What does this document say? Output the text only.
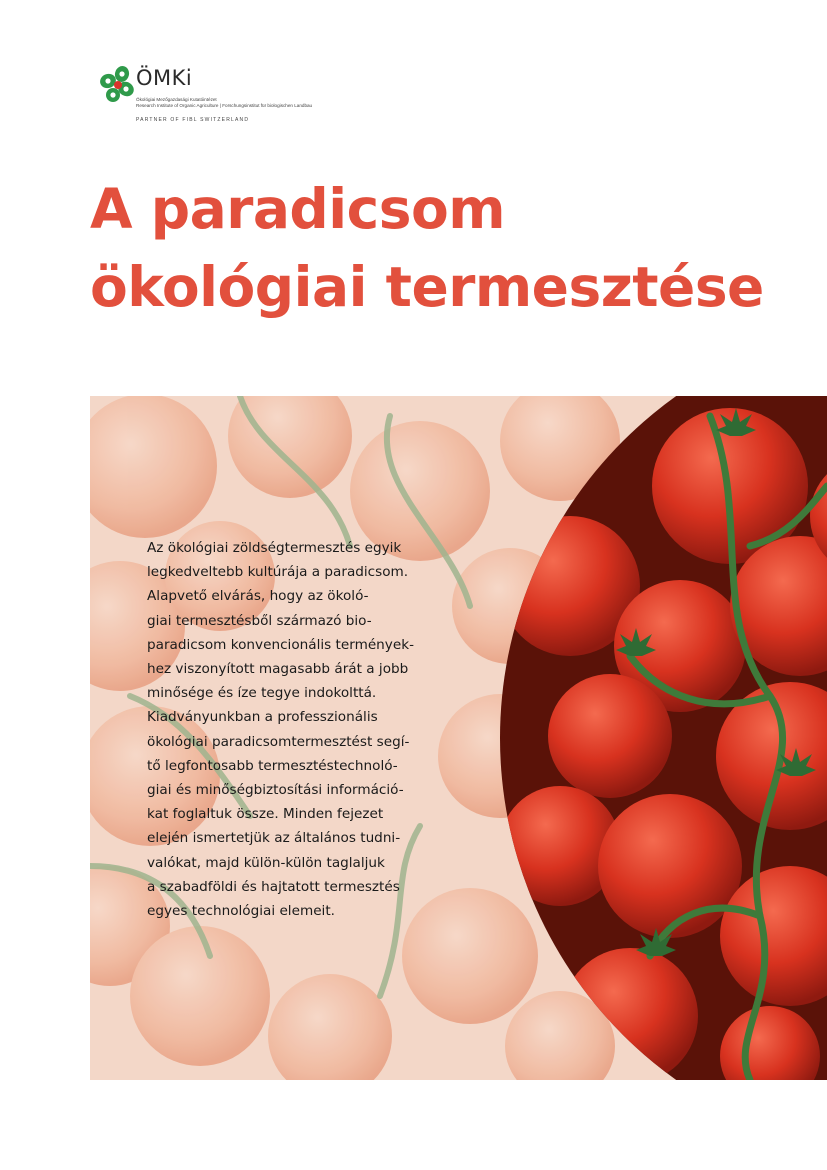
ÖMKi
Ökológiai Mezőgazdasági Kutatóintézet
Research Institute of Organic Agriculture | Forschungsinstitut für biologischen Landbau
PARTNER OF FIBL SWITZERLAND
A paradicsom
ökológiai termesztése
Az ökológiai zöldségtermesztés egyik
legkedveltebb kultúrája a paradicsom.
Alapvető elvárás, hogy az ökoló-
giai termesztésből származó bio-
paradicsom konvencionális termények-
hez viszonyított magasabb árát a jobb
minősége és íze tegye indokolttá.
Kiadványunkban a professzionális
ökológiai paradicsomtermesztést segí-
tő legfontosabb termesztéstechnoló-
giai és minőségbiztosítási információ-
kat foglaltuk össze. Minden fejezet
elején ismertetjük az általános tudni-
valókat, majd külön-külön taglaljuk
a szabadföldi és hajtatott termesztés
egyes technológiai elemeit.
